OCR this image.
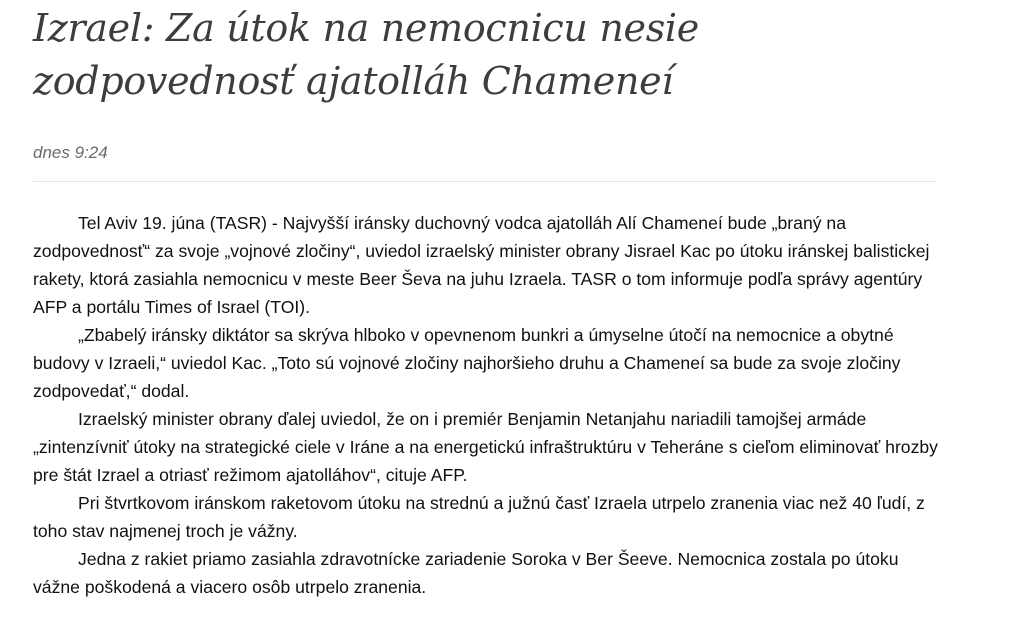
Izrael: Za útok na nemocnicu nesie zodpovednosť ajatolláh Chameneí
dnes 9:24

Tel Aviv 19. júna (TASR) - Najvyšší iránsky duchovný vodca ajatolláh Alí Chameneí bude „braný na zodpovednosť“ za svoje „vojnové zločiny“, uviedol izraelský minister obrany Jisrael Kac po útoku iránskej balistickej rakety, ktorá zasiahla nemocnicu v meste Beer Ševa na juhu Izraela. TASR o tom informuje podľa správy agentúry AFP a portálu Times of Israel (TOI).

„Zbabelý iránsky diktátor sa skrýva hlboko v opevnenom bunkri a úmyselne útočí na nemocnice a obytné budovy v Izraeli,“ uviedol Kac. „Toto sú vojnové zločiny najhoršieho druhu a Chameneí sa bude za svoje zločiny zodpovedať,“ dodal.

Izraelský minister obrany ďalej uviedol, že on i premiér Benjamin Netanjahu nariadili tamojšej armáde „zintenzívniť útoky na strategické ciele v Iráne a na energetickú infraštruktúru v Teheráne s cieľom eliminovať hrozby pre štát Izrael a otriasť režimom ajatolláhov“, cituje AFP.

Pri štvrtkovom iránskom raketovom útoku na strednú a južnú časť Izraela utrpelo zranenia viac než 40 ľudí, z toho stav najmenej troch je vážny.

Jedna z rakiet priamo zasiahla zdravotnícke zariadenie Soroka v Ber Šeeve. Nemocnica zostala po útoku vážne poškodená a viacero osôb utrpelo zranenia.
